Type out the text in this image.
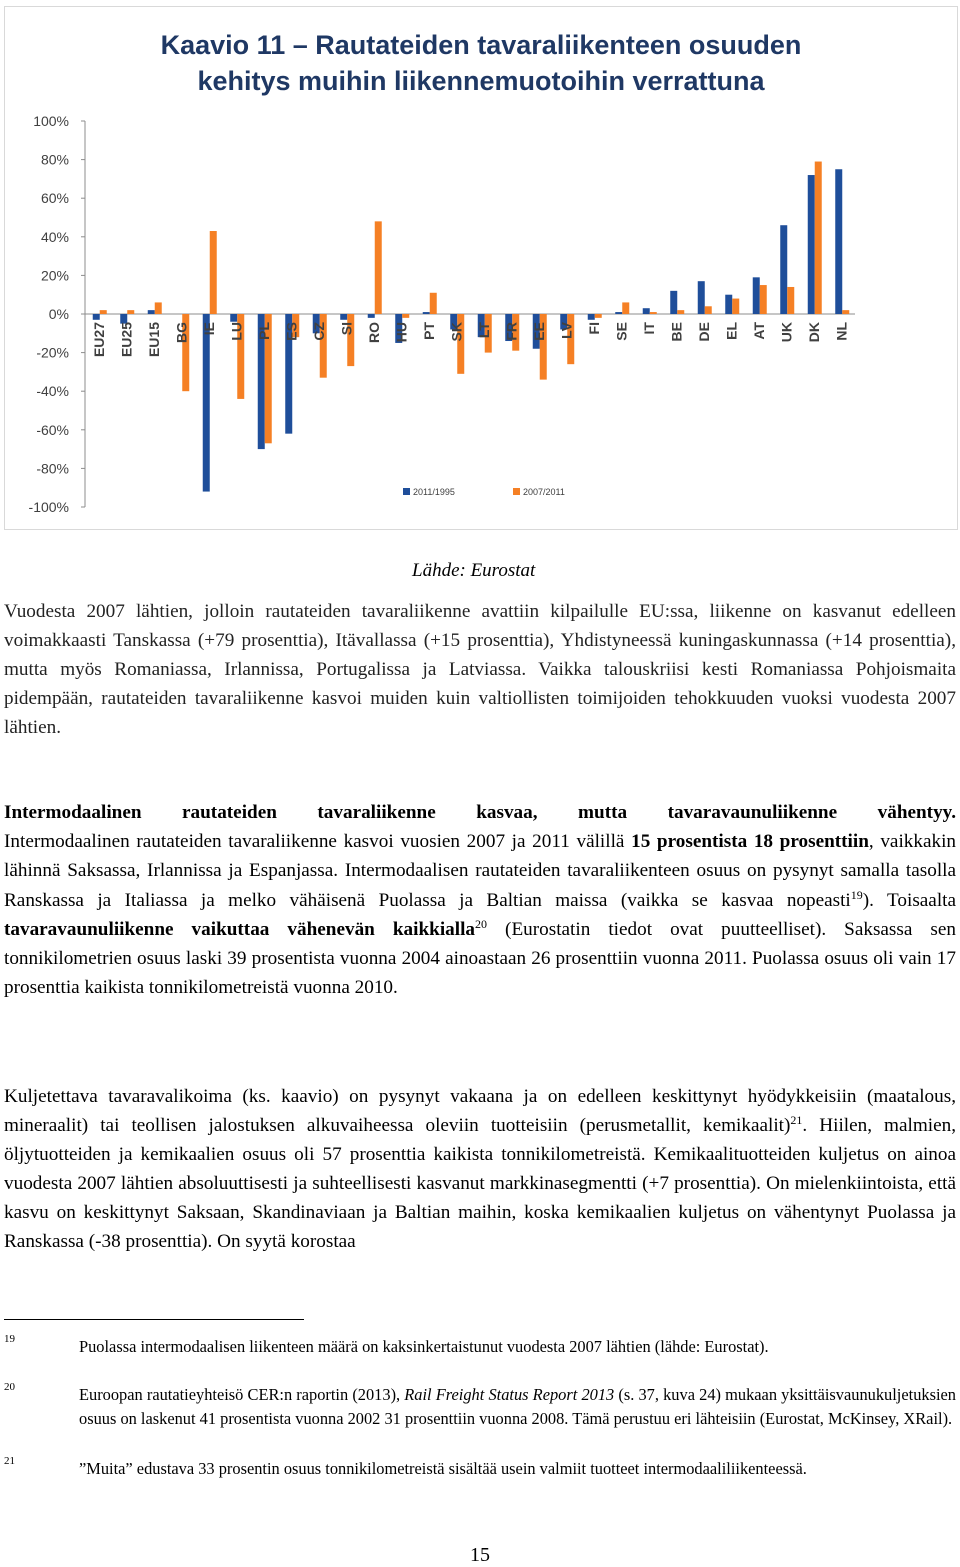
-100%
-80%
-60%
-40%
-20%
0%
20%
40%
60%
80%
100%
EU27 EU25 EU15 BG IE LU PL ES CZ SI RO HU PT SK LT FR EE LV FI SE IT BE DE EL AT UK DK NL
2011/1995	2007/2011
Kaavio 11 – Rautateiden tavaraliikenteen osuuden
kehitys muihin liikennemuotoihin verrattuna
Lähde: Eurostat

Vuodesta 2007 lähtien, jolloin rautateiden tavaraliikenne avattiin kilpailulle EU:ssa, liikenne on kasvanut edelleen voimakkaasti Tanskassa (+79 prosenttia), Itävallassa (+15 prosenttia), Yhdistyneessä kuningaskunnassa (+14 prosenttia), mutta myös Romaniassa, Irlannissa, Portugalissa ja Latviassa. Vaikka talouskriisi kesti Romaniassa Pohjoismaita pidempään, rautateiden tavaraliikenne kasvoi muiden kuin valtiollisten toimijoiden tehokkuuden vuoksi vuodesta 2007 lähtien.

Intermodaalinen rautateiden tavaraliikenne kasvaa, mutta tavaravaunuliikenne vähentyy. Intermodaalinen rautateiden tavaraliikenne kasvoi vuosien 2007 ja 2011 välillä 15 prosentista 18 prosenttiin, vaikkakin lähinnä Saksassa, Irlannissa ja Espanjassa. Intermodaalisen rautateiden tavaraliikenteen osuus on pysynyt samalla tasolla Ranskassa ja Italiassa ja melko vähäisenä Puolassa ja Baltian maissa (vaikka se kasvaa nopeasti$^{19}$). Toisaalta tavaravaunuliikenne vaikuttaa vähenevän kaikkialla$^{20}$ (Eurostatin tiedot ovat puutteelliset). Saksassa sen tonnikilometrien osuus laski 39 prosentista vuonna 2004 ainoastaan 26 prosenttiin vuonna 2011. Puolassa osuus oli vain 17 prosenttia kaikista tonnikilometreistä vuonna 2010.

Kuljetettava tavaravalikoima (ks. kaavio) on pysynyt vakaana ja on edelleen keskittynyt hyödykkeisiin (maatalous, mineraalit) tai teollisen jalostuksen alkuvaiheessa oleviin tuotteisiin (perusmetallit, kemikaalit)$^{21}$. Hiilen, malmien, öljytuotteiden ja kemikaalien osuus oli 57 prosenttia kaikista tonnikilometreistä. Kemikaalituotteiden kuljetus on ainoa vuodesta 2007 lähtien absoluuttisesti ja suhteellisesti kasvanut markkinasegmentti (+7 prosenttia). On mielenkiintoista, että kasvu on keskittynyt Saksaan, Skandinaviaan ja Baltian maihin, koska kemikaalien kuljetus on vähentynyt Puolassa ja Ranskassa (-38 prosenttia). On syytä korostaa

19	Puolassa intermodaalisen liikenteen määrä on kaksinkertaistunut vuodesta 2007 lähtien (lähde: Eurostat).

20	Euroopan rautatieyhteisö CER:n raportin (2013), Rail Freight Status Report 2013 (s. 37, kuva 24) mukaan yksittäisvaunukuljetuksien osuus on laskenut 41 prosentista vuonna 2002 31 prosenttiin vuonna 2008. Tämä perustuu eri lähteisiin (Eurostat, McKinsey, XRail).

21	”Muita” edustava 33 prosentin osuus tonnikilometreistä sisältää usein valmiit tuotteet intermodaaliliikenteessä.

15
